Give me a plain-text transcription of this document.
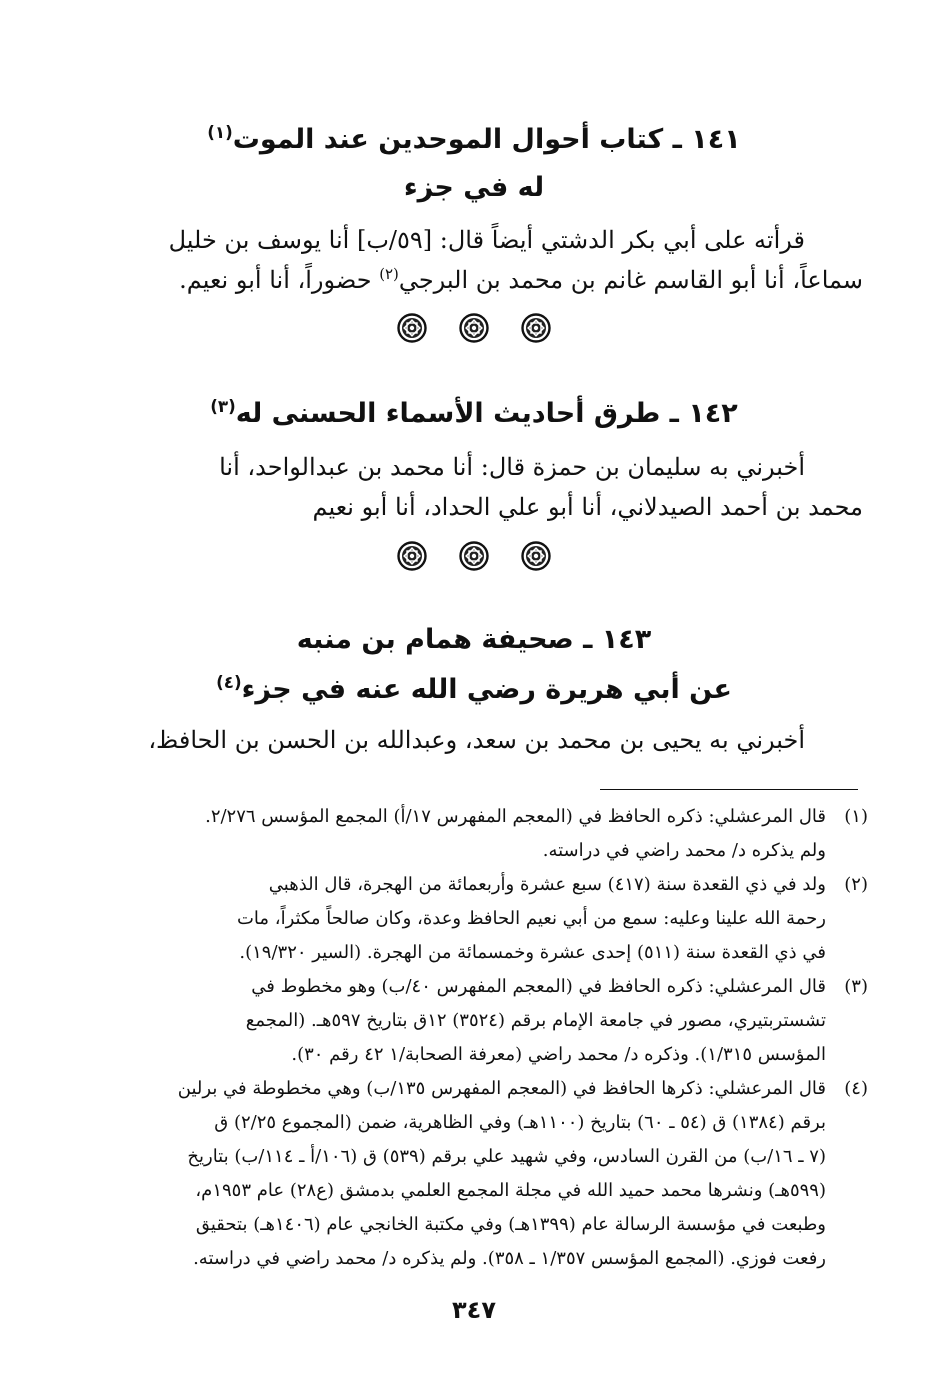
١٤١ ـ كتاب أحوال الموحدين عند الموت$^{(١)}$
له في جزء
قرأته على أبي بكر الدشتي أيضاً قال: [٥٩/ب] أنا يوسف بن خليل
سماعاً، أنا أبو القاسم غانم بن محمد بن البرجي$^{(٢)}$ حضوراً، أنا أبو نعيم.
١٤٢ ـ طرق أحاديث الأسماء الحسنى له$^{(٣)}$
أخبرني به سليمان بن حمزة قال: أنا محمد بن عبدالواحد، أنا
محمد بن أحمد الصيدلاني، أنا أبو علي الحداد، أنا أبو نعيم
١٤٣ ـ صحيفة همام بن منبه
عن أبي هريرة رضي الله عنه في جزء$^{(٤)}$
أخبرني به يحيى بن محمد بن سعد، وعبدالله بن الحسن بن الحافظ،
(١)
قال المرعشلي: ذكره الحافظ في (المعجم المفهرس ١٧/أ) المجمع المؤسس ٢/٢٧٦.
ولم يذكره د/ محمد راضي في دراسته.
(٢)
ولد في ذي القعدة سنة (٤١٧) سبع عشرة وأربعمائة من الهجرة، قال الذهبي
رحمة الله علينا وعليه: سمع من أبي نعيم الحافظ وعدة، وكان صالحاً مكثراً، مات
في ذي القعدة سنة (٥١١) إحدى عشرة وخمسمائة من الهجرة. (السير ١٩/٣٢٠).
(٣)
قال المرعشلي: ذكره الحافظ في (المعجم المفهرس ٤٠/ب) وهو مخطوط في
تشستربتيري، مصور في جامعة الإمام برقم (٣٥٢٤) ١٢ق بتاريخ ٥٩٧هـ. (المجمع
المؤسس ١/٣١٥). وذكره د/ محمد راضي (معرفة الصحابة/١ ٤٢ رقم ٣٠).
(٤)
قال المرعشلي: ذكرها الحافظ في (المعجم المفهرس ١٣٥/ب) وهي مخطوطة في برلين
برقم (١٣٨٤) ق (٥٤ ـ ٦٠) بتاريخ (١١٠٠هـ) وفي الظاهرية، ضمن (المجموع ٢/٢٥) ق
(٧ ـ ١٦/ب) من القرن السادس، وفي شهيد علي برقم (٥٣٩) ق (١٠٦/أ ـ ١١٤/ب) بتاريخ
(٥٩٩هـ) ونشرها محمد حميد الله في مجلة المجمع العلمي بدمشق (ع٢٨) عام ١٩٥٣م،
وطبعت في مؤسسة الرسالة عام (١٣٩٩هـ) وفي مكتبة الخانجي عام (١٤٠٦هـ) بتحقيق
رفعت فوزي. (المجمع المؤسس ١/٣٥٧ ـ ٣٥٨). ولم يذكره د/ محمد راضي في دراسته.
٣٤٧
